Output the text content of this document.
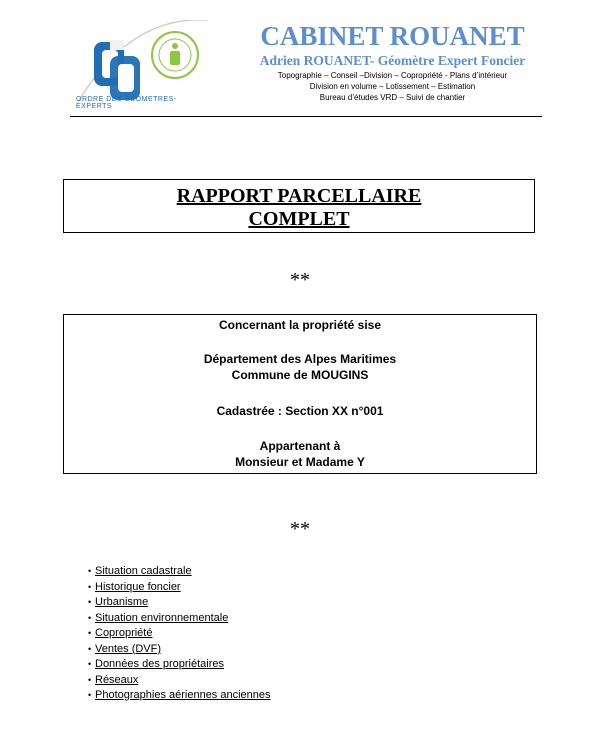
ORDRE DES GEOMETRES-EXPERTS
CABINET ROUANET
Adrien ROUANET- Géomètre Expert Foncier
Topographie – Conseil –Division – Copropriété - Plans d’intérieur
Division en volume – Lotissement – Estimation
Bureau d’études VRD – Suivi de chantier
RAPPORT PARCELLAIRE
COMPLET
**
Concernant la propriété sise
Département des Alpes Maritimes
Commune de MOUGINS
Cadastrée : Section XX n°001
Appartenant à
Monsieur et Madame Y
**
• Situation cadastrale
• Historique foncier
• Urbanisme
• Situation environnementale
• Copropriété
• Ventes (DVF)
• Données des propriétaires
• Réseaux
• Photographies aériennes anciennes
